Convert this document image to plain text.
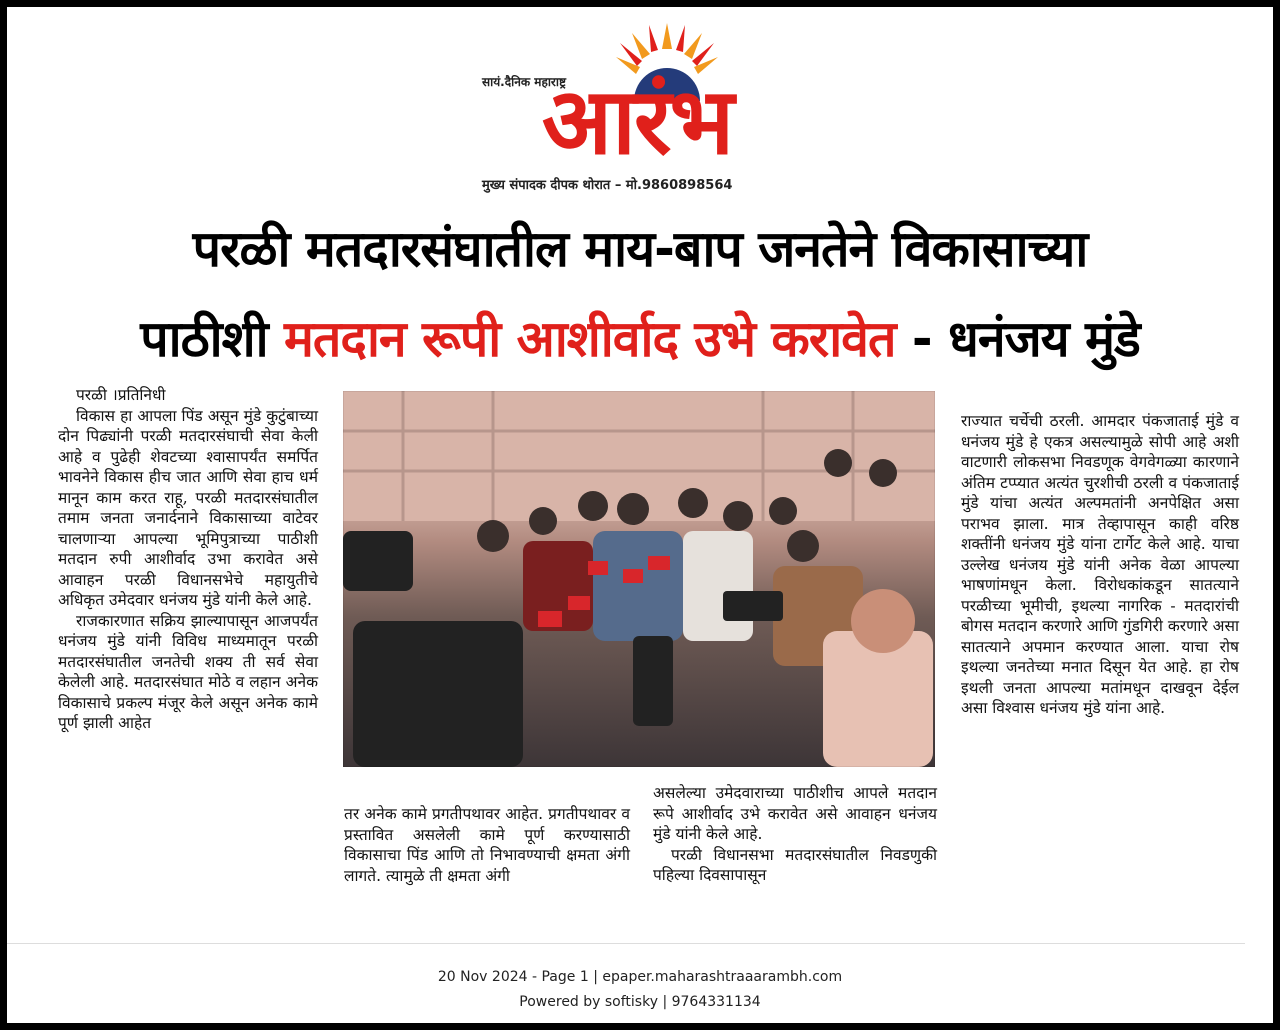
सायं.दैनिक महाराष्ट्र
आरंभ
मुख्य संपादक दीपक थोरात – मो.9860898564
परळी मतदारसंघातील माय-बाप जनतेने विकासाच्या
पाठीशी मतदान रूपी आशीर्वाद उभे करावेत - धनंजय मुंडे

परळी ।प्रतिनिधी

विकास हा आपला पिंड असून मुंडे कुटुंबाच्या दोन पिढ्यांनी परळी मतदारसंघाची सेवा केली आहे व पुढेही शेवटच्या श्वासापर्यंत समर्पित भावनेने विकास हीच जात आणि सेवा हाच धर्म मानून काम करत राहू, परळी मतदारसंघातील तमाम जनता जनार्दनाने विकासाच्या वाटेवर चालणाऱ्या आपल्या भूमिपुत्राच्या पाठीशी मतदान रुपी आशीर्वाद उभा करावेत असे आवाहन परळी विधानसभेचे महायुतीचे अधिकृत उमेदवार धनंजय मुंडे यांनी केले आहे.

राजकारणात सक्रिय झाल्यापासून आजपर्यंत धनंजय मुंडे यांनी विविध माध्यमातून परळी मतदारसंघातील जनतेची शक्य ती सर्व सेवा केलेली आहे. मतदारसंघात मोठे व लहान अनेक विकासाचे प्रकल्प मंजूर केले असून अनेक कामे पूर्ण झाली आहेत

तर अनेक कामे प्रगतीपथावर आहेत. प्रगतीपथावर व प्रस्तावित असलेली कामे पूर्ण करण्यासाठी विकासाचा पिंड आणि तो निभावण्याची क्षमता अंगी लागते. त्यामुळे ती क्षमता अंगी

असलेल्या उमेदवाराच्या पाठीशीच आपले मतदान रूपे आशीर्वाद उभे करावेत असे आवाहन धनंजय मुंडे यांनी केले आहे.

परळी विधानसभा मतदारसंघातील निवडणुकी पहिल्या दिवसापासून

राज्यात चर्चेची ठरली. आमदार पंकजाताई मुंडे व धनंजय मुंडे हे एकत्र असल्यामुळे सोपी आहे अशी वाटणारी लोकसभा निवडणूक वेगवेगळ्या कारणाने अंतिम टप्प्यात अत्यंत चुरशीची ठरली व पंकजाताई मुंडे यांचा अत्यंत अल्पमतांनी अनपेक्षित असा पराभव झाला. मात्र तेव्हापासून काही वरिष्ठ शक्तींनी धनंजय मुंडे यांना टार्गेट केले आहे. याचा उल्लेख धनंजय मुंडे यांनी अनेक वेळा आपल्या भाषणांमधून केला. विरोधकांकडून सातत्याने परळीच्या भूमीची, इथल्या नागरिक - मतदारांची बोगस मतदान करणारे आणि गुंडगिरी करणारे असा सातत्याने अपमान करण्यात आला. याचा रोष इथल्या जनतेच्या मनात दिसून येत आहे. हा रोष इथली जनता आपल्या मतांमधून दाखवून देईल असा विश्वास धनंजय मुंडे यांना आहे.

20 Nov 2024 - Page 1 | epaper.maharashtraaarambh.com
Powered by softisky | 9764331134
